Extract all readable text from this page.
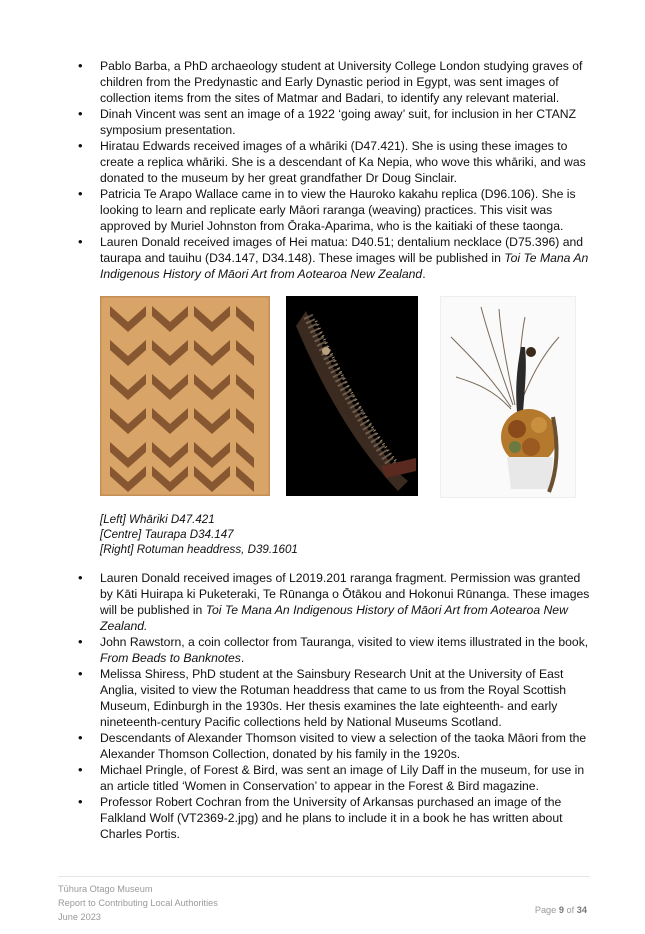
• Pablo Barba, a PhD archaeology student at University College London studying graves of children from the Predynastic and Early Dynastic period in Egypt, was sent images of collection items from the sites of Matmar and Badari, to identify any relevant material.
• Dinah Vincent was sent an image of a 1922 ‘going away’ suit, for inclusion in her CTANZ symposium presentation.
• Hiratau Edwards received images of a whāriki (D47.421). She is using these images to create a replica whāriki. She is a descendant of Ka Nepia, who wove this whāriki, and was donated to the museum by her great grandfather Dr Doug Sinclair.
• Patricia Te Arapo Wallace came in to view the Hauroko kakahu replica (D96.106). She is looking to learn and replicate early Māori raranga (weaving) practices. This visit was approved by Muriel Johnston from Ōraka-Aparima, who is the kaitiaki of these taonga.
• Lauren Donald received images of Hei matua: D40.51; dentalium necklace (D75.396) and taurapa and tauihu (D34.147, D34.148). These images will be published in Toi Te Mana An Indigenous History of Māori Art from Aotearoa New Zealand.
[Left] Whāriki D47.421
[Centre] Taurapa D34.147
[Right] Rotuman headdress, D39.1601
• Lauren Donald received images of L2019.201 raranga fragment. Permission was granted by Kāti Huirapa ki Puketeraki, Te Rūnanga o Ōtākou and Hokonui Rūnanga. These images will be published in Toi Te Mana An Indigenous History of Māori Art from Aotearoa New Zealand.
• John Rawstorn, a coin collector from Tauranga, visited to view items illustrated in the book, From Beads to Banknotes.
• Melissa Shiress, PhD student at the Sainsbury Research Unit at the University of East Anglia, visited to view the Rotuman headdress that came to us from the Royal Scottish Museum, Edinburgh in the 1930s. Her thesis examines the late eighteenth- and early nineteenth-century Pacific collections held by National Museums Scotland.
• Descendants of Alexander Thomson visited to view a selection of the taoka Māori from the Alexander Thomson Collection, donated by his family in the 1920s.
• Michael Pringle, of Forest & Bird, was sent an image of Lily Daff in the museum, for use in an article titled ‘Women in Conservation’ to appear in the Forest & Bird magazine.
• Professor Robert Cochran from the University of Arkansas purchased an image of the Falkland Wolf (VT2369-2.jpg) and he plans to include it in a book he has written about Charles Portis.
Tūhura Otago Museum
Report to Contributing Local Authorities
June 2023
Page 9 of 34
